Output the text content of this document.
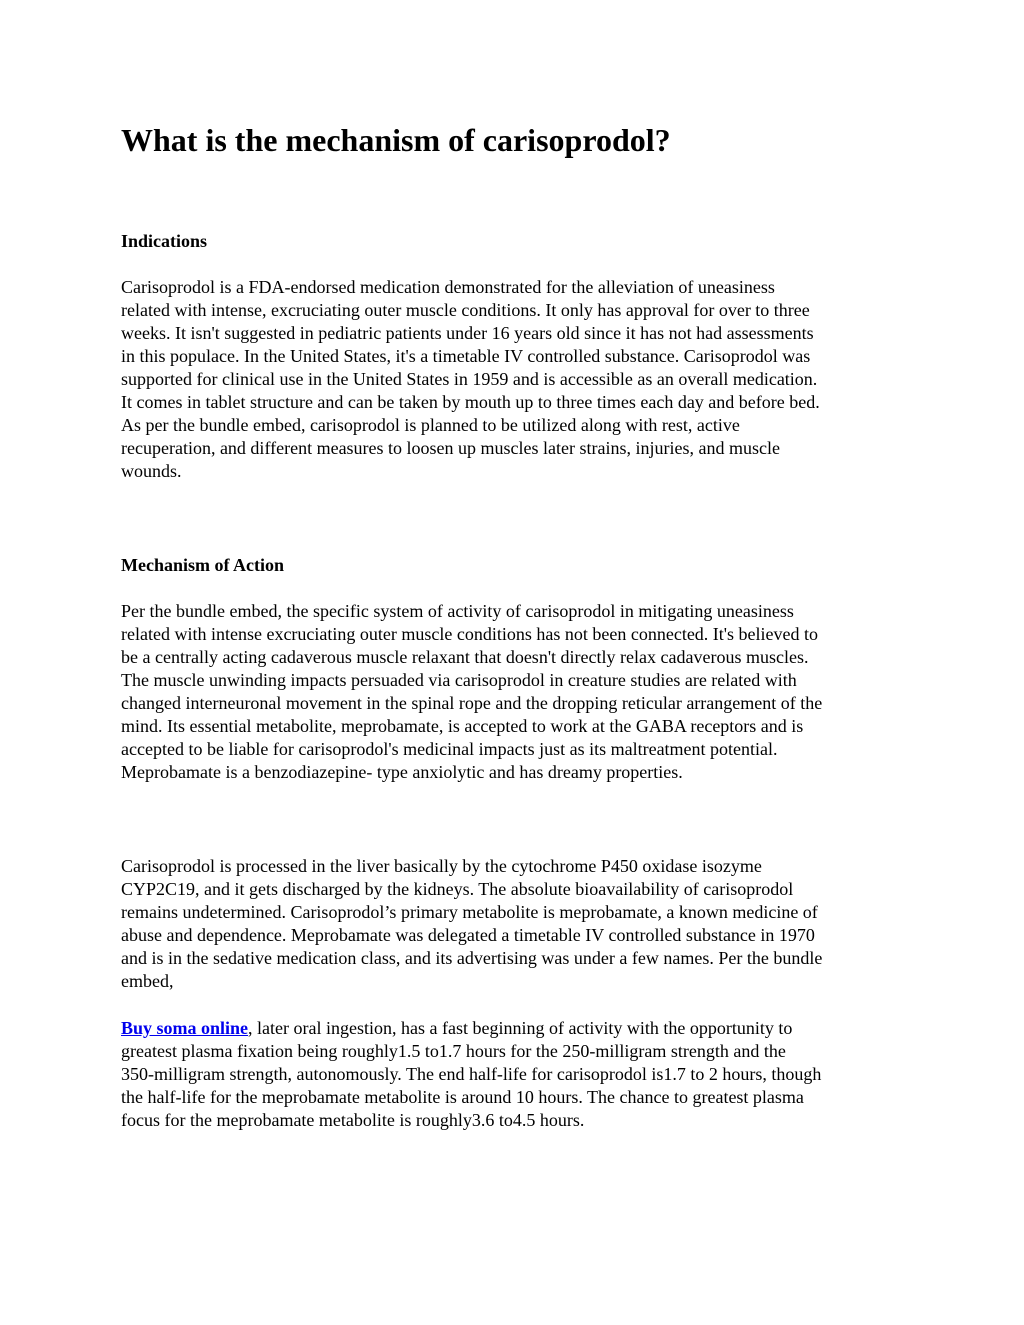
What is the mechanism of carisoprodol?
Indications

Carisoprodol is a FDA-endorsed medication demonstrated for the alleviation of uneasiness
related with intense, excruciating outer muscle conditions. It only has approval for over to three
weeks. It isn't suggested in pediatric patients under 16 years old since it has not had assessments
in this populace. In the United States, it's a timetable IV controlled substance. Carisoprodol was
supported for clinical use in the United States in 1959 and is accessible as an overall medication.
It comes in tablet structure and can be taken by mouth up to three times each day and before bed.
As per the bundle embed, carisoprodol is planned to be utilized along with rest, active
recuperation, and different measures to loosen up muscles later strains, injuries, and muscle
wounds.

Mechanism of Action

Per the bundle embed, the specific system of activity of carisoprodol in mitigating uneasiness
related with intense excruciating outer muscle conditions has not been connected. It's believed to
be a centrally acting cadaverous muscle relaxant that doesn't directly relax cadaverous muscles.
The muscle unwinding impacts persuaded via carisoprodol in creature studies are related with
changed interneuronal movement in the spinal rope and the dropping reticular arrangement of the
mind. Its essential metabolite, meprobamate, is accepted to work at the GABA receptors and is
accepted to be liable for carisoprodol's medicinal impacts just as its maltreatment potential.
Meprobamate is a benzodiazepine- type anxiolytic and has dreamy properties.

Carisoprodol is processed in the liver basically by the cytochrome P450 oxidase isozyme
CYP2C19, and it gets discharged by the kidneys. The absolute bioavailability of carisoprodol
remains undetermined. Carisoprodol’s primary metabolite is meprobamate, a known medicine of
abuse and dependence. Meprobamate was delegated a timetable IV controlled substance in 1970
and is in the sedative medication class, and its advertising was under a few names. Per the bundle
embed,

Buy soma online, later oral ingestion, has a fast beginning of activity with the opportunity to
greatest plasma fixation being roughly1.5 to1.7 hours for the 250-milligram strength and the
350-milligram strength, autonomously. The end half-life for carisoprodol is1.7 to 2 hours, though
the half-life for the meprobamate metabolite is around 10 hours. The chance to greatest plasma
focus for the meprobamate metabolite is roughly3.6 to4.5 hours.
